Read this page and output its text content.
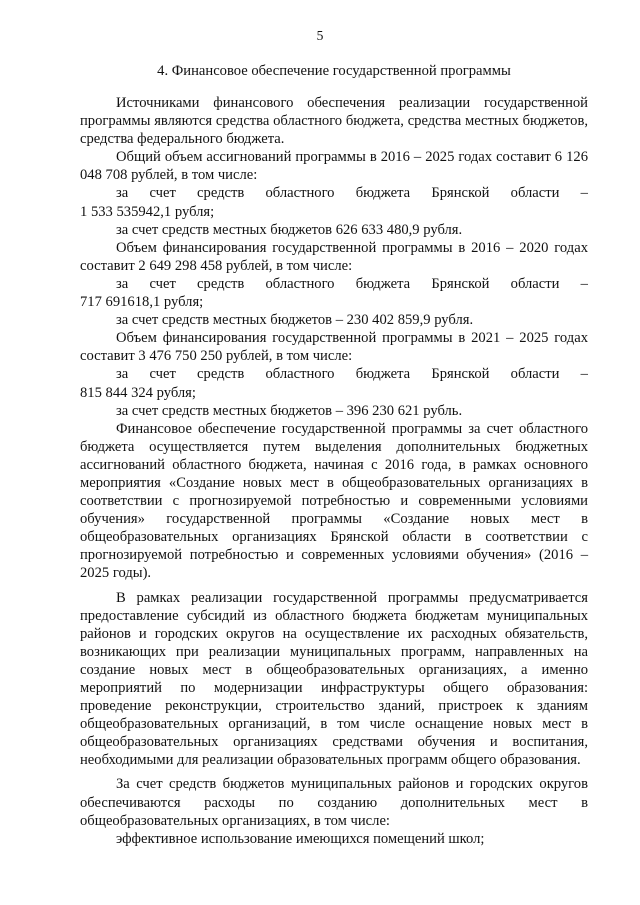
5
4. Финансовое обеспечение государственной программы

Источниками финансового обеспечения реализации государственной программы являются средства областного бюджета, средства местных бюджетов, средства федерального бюджета.

Общий объем ассигнований программы в 2016 – 2025 годах составит 6 126 048 708 рублей, в том числе:

за счет средств областного бюджета Брянской области –

1 533 535942,1 рубля;

за счет средств местных бюджетов 626 633 480,9 рубля.

Объем финансирования государственной программы в 2016 – 2020 годах составит 2 649 298 458 рублей, в том числе:

за счет средств областного бюджета Брянской области –

717 691618,1 рубля;

за счет средств местных бюджетов – 230 402 859,9 рубля.

Объем финансирования государственной программы в 2021 – 2025 годах составит 3 476 750 250 рублей, в том числе:

за счет средств областного бюджета Брянской области –

815 844 324 рубля;

за счет средств местных бюджетов – 396 230 621 рубль.

Финансовое обеспечение государственной программы за счет областного бюджета осуществляется путем выделения дополнительных бюджетных ассигнований областного бюджета, начиная с 2016 года, в рамках основного мероприятия «Создание новых мест в общеобразовательных организациях в соответствии с прогнозируемой потребностью и современными условиями обучения» государственной программы «Создание новых мест в общеобразовательных организациях Брянской области в соответствии с прогнозируемой потребностью и современных условиями обучения» (2016 – 2025 годы).

В рамках реализации государственной программы предусматривается предоставление субсидий из областного бюджета бюджетам муниципальных районов и городских округов на осуществление их расходных обязательств, возникающих при реализации муниципальных программ, направленных на создание новых мест в общеобразовательных организациях, а именно мероприятий по модернизации инфраструктуры общего образования: проведение реконструкции, строительство зданий, пристроек к зданиям общеобразовательных организаций, в том числе оснащение новых мест в общеобразовательных организациях средствами обучения и воспитания, необходимыми для реализации образовательных программ общего образования.

За счет средств бюджетов муниципальных районов и городских округов обеспечиваются расходы по созданию дополнительных мест в общеобразовательных организациях, в том числе:

эффективное использование имеющихся помещений школ;
